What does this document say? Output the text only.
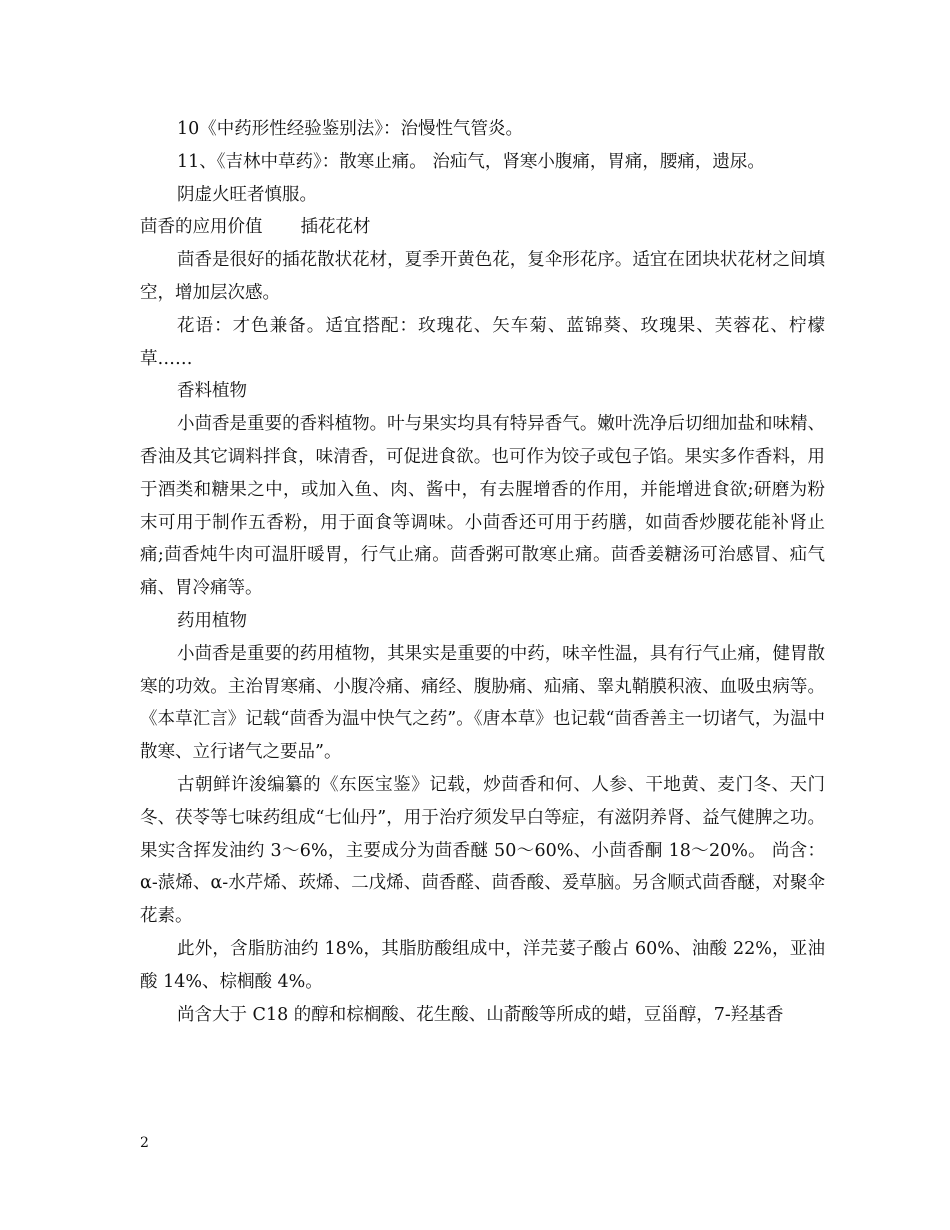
10《中药形性经验鉴别法》：治慢性气管炎。

11、《吉林中草药》：散寒止痛。 治疝气，肾寒小腹痛，胃痛，腰痛，遗尿。

阴虚火旺者慎服。

茴香的应用价值 插花花材

茴香是很好的插花散状花材，夏季开黄色花，复伞形花序。适宜在团块状花材之间填空，增加层次感。

花语：才色兼备。适宜搭配：玫瑰花、矢车菊、蓝锦葵、玫瑰果、芙蓉花、柠檬草……

香料植物

小茴香是重要的香料植物。叶与果实均具有特异香气。嫩叶洗净后切细加盐和味精、香油及其它调料拌食，味清香，可促进食欲。也可作为饺子或包子馅。果实多作香料，用于酒类和糖果之中，或加入鱼、肉、酱中，有去腥增香的作用，并能增进食欲;研磨为粉末可用于制作五香粉，用于面食等调味。小茴香还可用于药膳，如茴香炒腰花能补肾止痛;茴香炖牛肉可温肝暖胃，行气止痛。茴香粥可散寒止痛。茴香姜糖汤可治感冒、疝气痛、胃冷痛等。

药用植物

小茴香是重要的药用植物，其果实是重要的中药，味辛性温，具有行气止痛，健胃散寒的功效。主治胃寒痛、小腹冷痛、痛经、腹胁痛、疝痛、睾丸鞘膜积液、血吸虫病等。《本草汇言》记载“茴香为温中快气之药”。《唐本草》也记载“茴香善主一切诸气，为温中散寒、立行诸气之要品”。

古朝鲜许浚编纂的《东医宝鉴》记载，炒茴香和何、人参、干地黄、麦门冬、天门冬、茯苓等七味药组成“七仙丹”，用于治疗须发早白等症，有滋阴养肾、益气健脾之功。 果实含挥发油约 3～6%，主要成分为茴香醚 50～60%、小茴香酮 18～20%。 尚含：α-蒎烯、α-水芹烯、莰烯、二戊烯、茴香醛、茴香酸、爰草脑。另含顺式茴香醚，对聚伞花素。

此外，含脂肪油约 18%，其脂肪酸组成中，洋芫荽子酸占 60%、油酸 22%，亚油酸 14%、棕榈酸 4%。

尚含大于 C18 的醇和棕榈酸、花生酸、山萮酸等所成的蜡，豆甾醇，7-羟基香

2
